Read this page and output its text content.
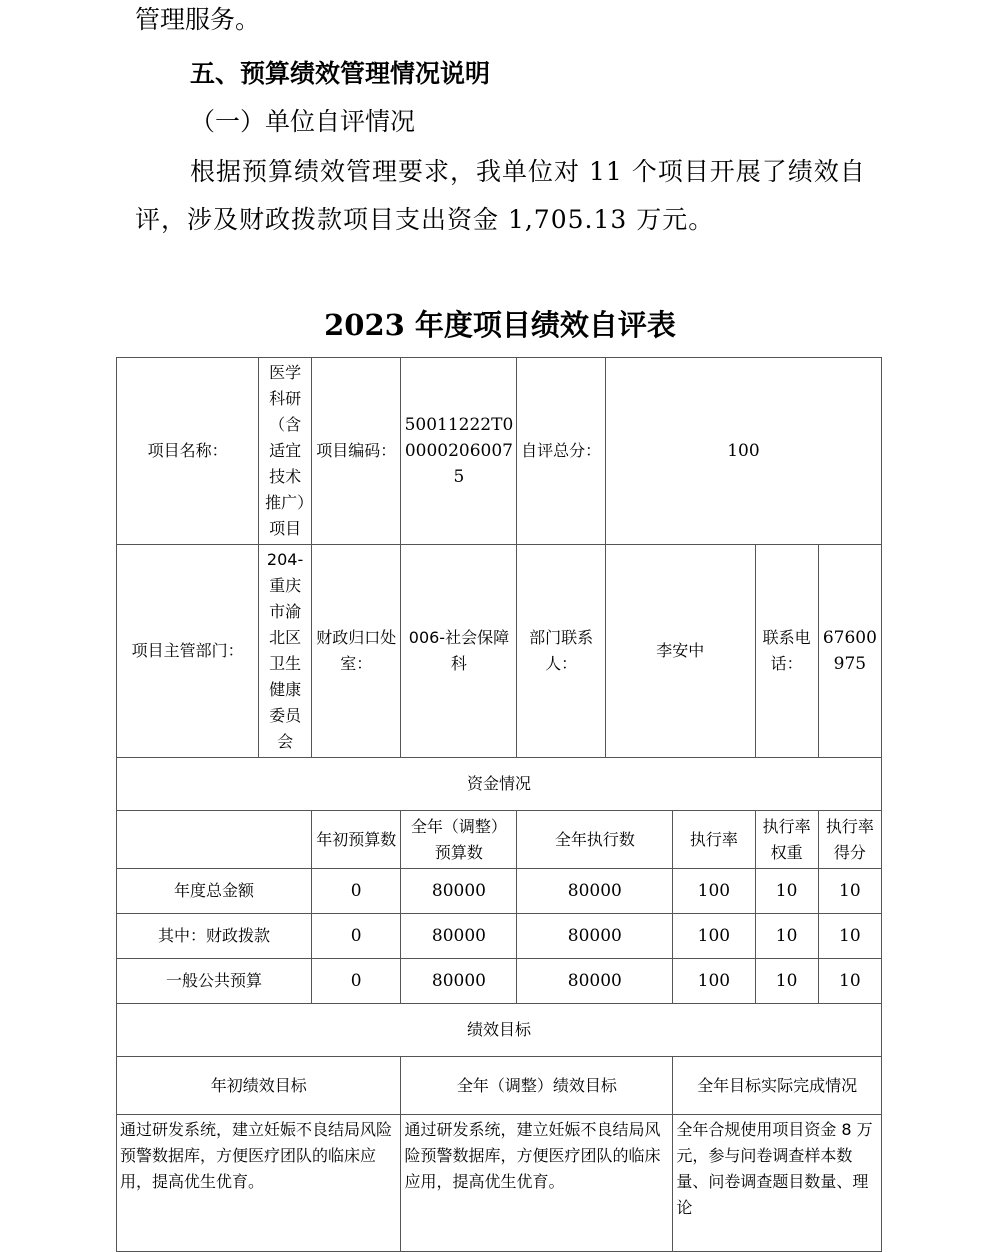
管理服务。

五、预算绩效管理情况说明

（一）单位自评情况

根据预算绩效管理要求，我单位对 11 个项目开展了绩效自

评，涉及财政拨款项目支出资金 1,705.13 万元。

2023 年度项目绩效自评表
项目名称：	医学科研（含适宜技术推广）项目	项目编码：	50011222T000002060075	自评总分：	100			
项目主管部门：	204-重庆市渝北区卫生健康委员会	财政归口处室：	006-社会保障科	部门联系人：	李安中		联系电话：	67600975
资金情况								
		年初预算数	全年（调整）预算数	全年执行数		执行率	执行率权重	执行率得分
年度总金额		0	80000	80000		100	10	10
其中：财政拨款		0	80000	80000		100	10	10
一般公共预算		0	80000	80000		100	10	10
绩效目标								
年初绩效目标			全年（调整）绩效目标			全年目标实际完成情况		
通过研发系统，建立妊娠不良结局风险预警数据库，方便医疗团队的临床应用，提高优生优育。			通过研发系统，建立妊娠不良结局风险预警数据库，方便医疗团队的临床应用，提高优生优育。			全年合规使用项目资金 8 万元，参与问卷调查样本数量、问卷调查题目数量、理论		
